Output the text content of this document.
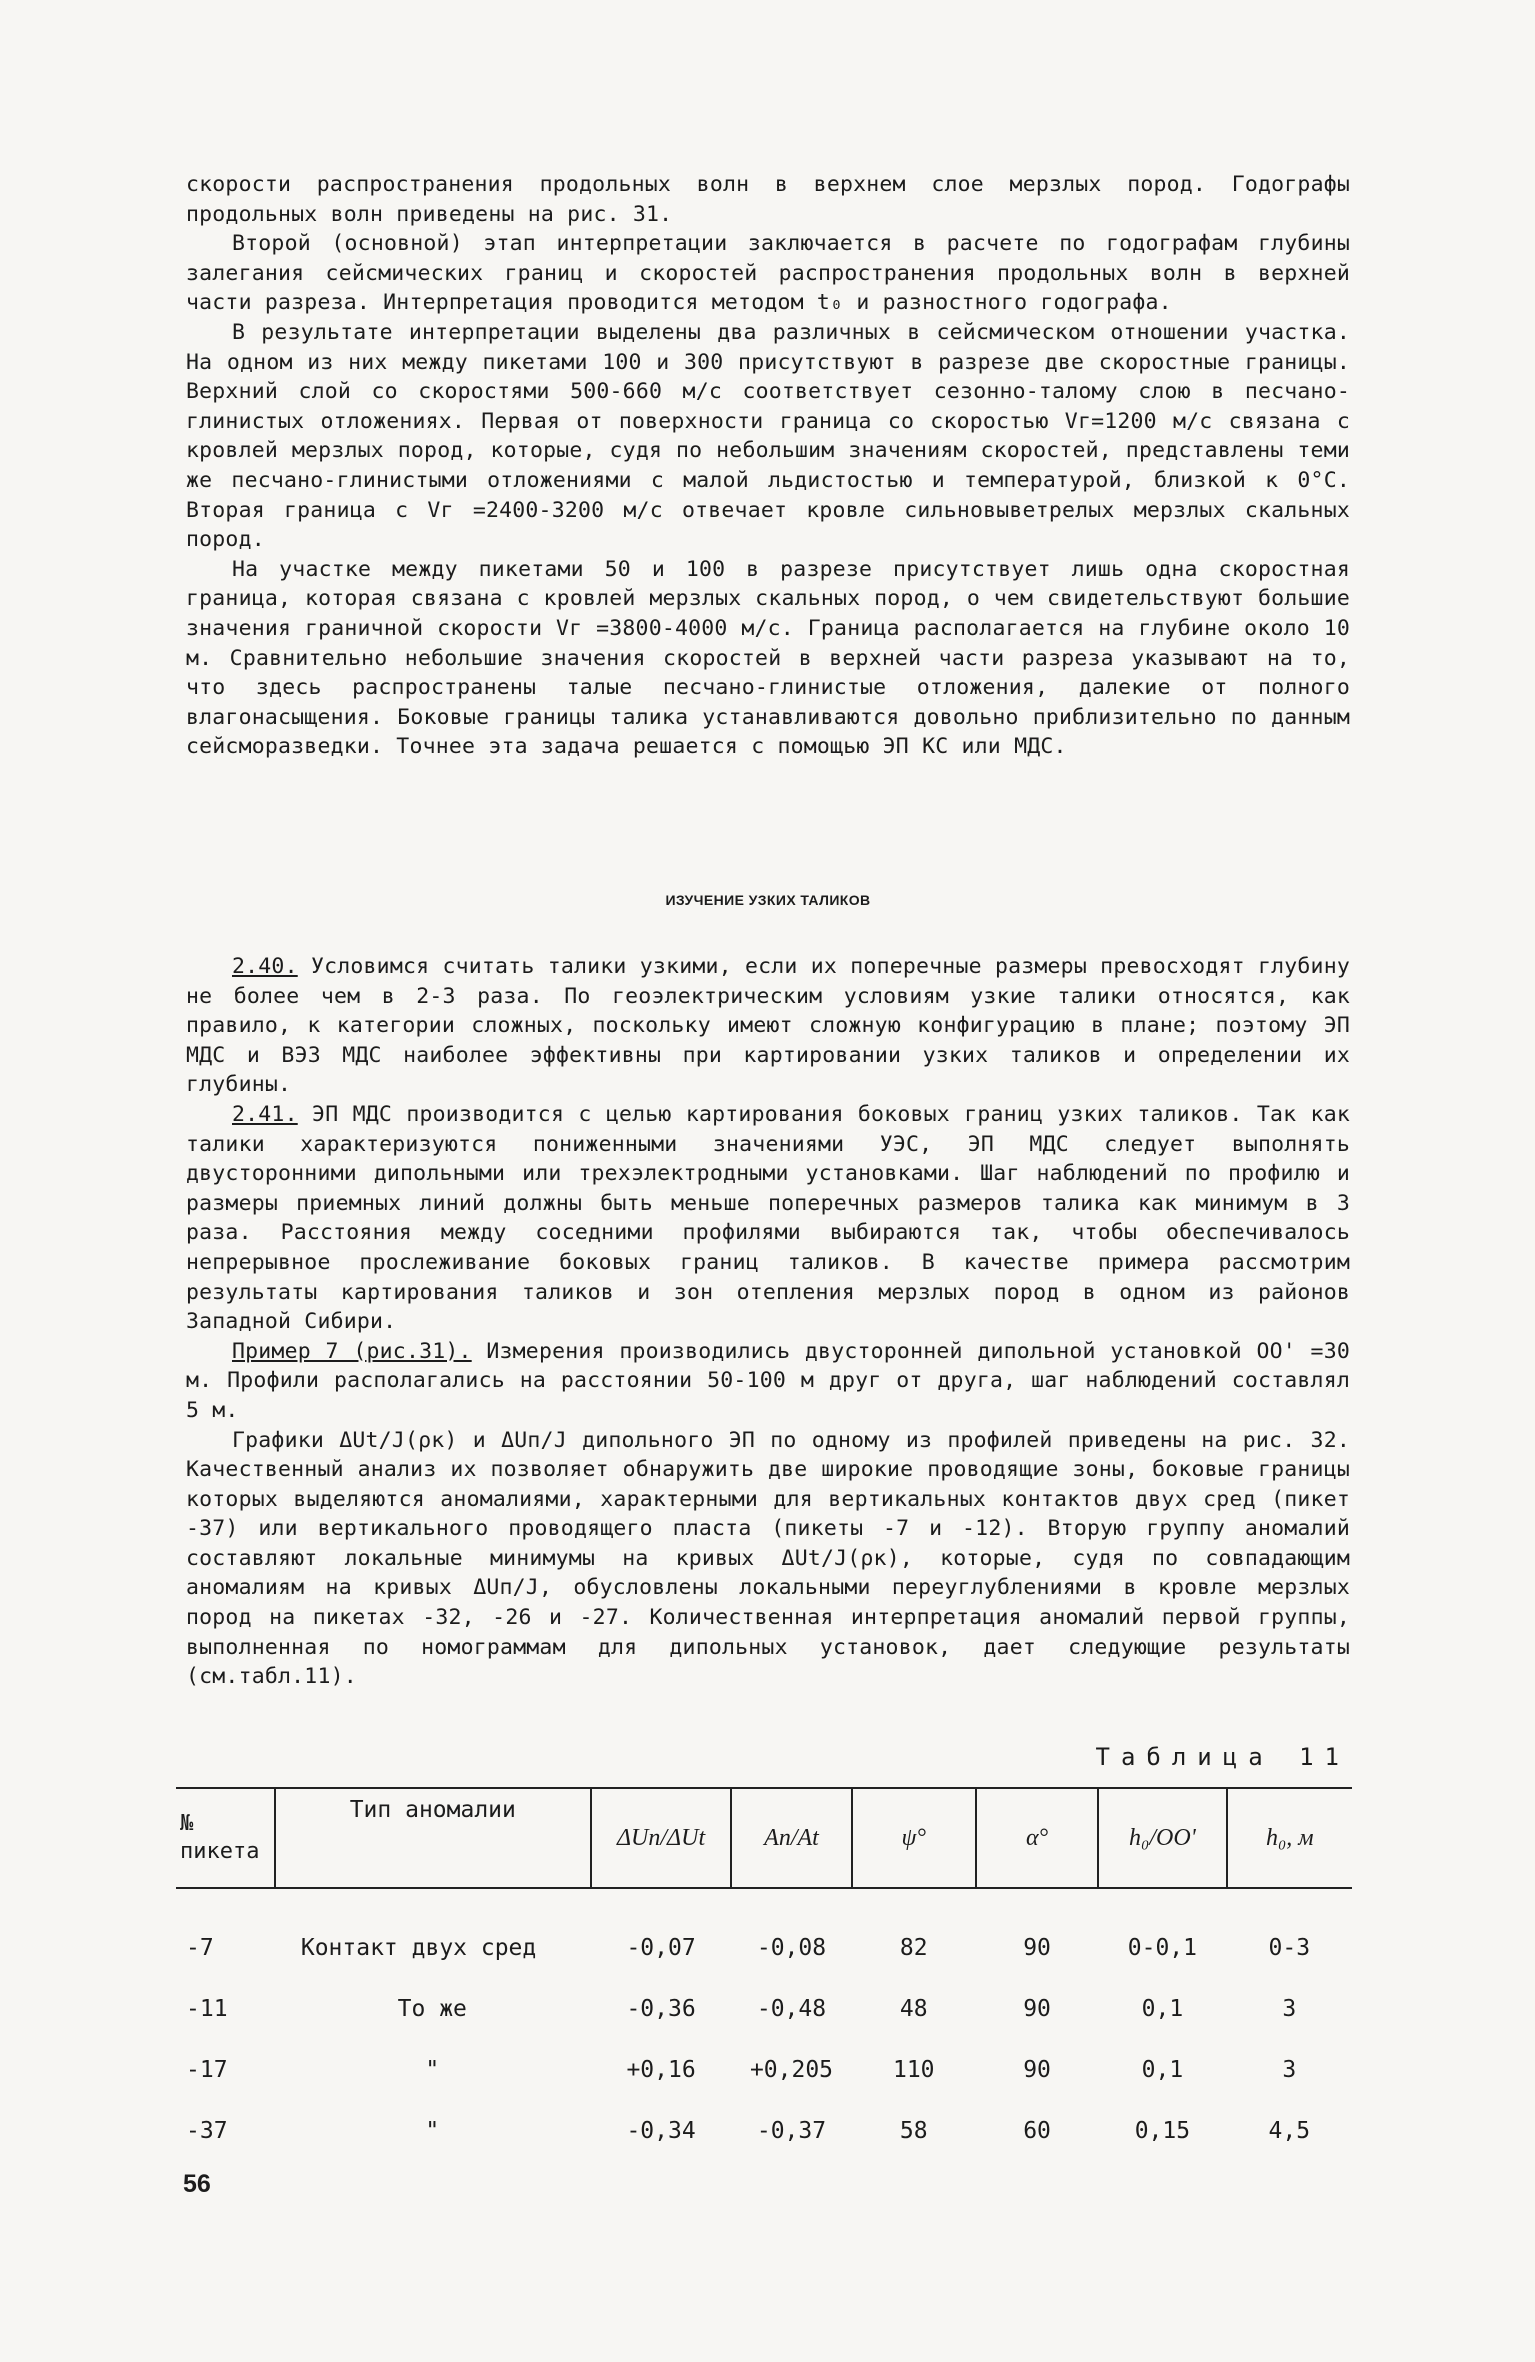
скорости распространения продольных волн в верхнем слое мерзлых пород. Годографы продольных волн приведены на рис. 31.

Второй (основной) этап интерпретации заключается в расчете по годографам глубины залегания сейсмических границ и скоростей распространения продольных волн в верхней части разреза. Интерпретация проводится методом t₀ и разностного годографа.

В результате интерпретации выделены два различных в сейсмическом отношении участка. На одном из них между пикетами 100 и 300 присутствуют в разрезе две скоростные границы. Верхний слой со скоростями 500-660 м/с соответствует сезонно-талому слою в песчано-глинистых отложениях. Первая от поверхности граница со скоростью Vг=1200 м/с связана с кровлей мерзлых пород, которые, судя по небольшим значениям скоростей, представлены теми же песчано-глинистыми отложениями с малой льдистостью и температурой, близкой к 0°С. Вторая граница с Vг =2400-3200 м/с отвечает кровле сильновыветрелых мерзлых скальных пород.

На участке между пикетами 50 и 100 в разрезе присутствует лишь одна скоростная граница, которая связана с кровлей мерзлых скальных пород, о чем свидетельствуют большие значения граничной скорости Vг =3800-4000 м/с. Граница располагается на глубине около 10 м. Сравнительно небольшие значения скоростей в верхней части разреза указывают на то, что здесь распространены талые песчано-глинистые отложения, далекие от полного влагонасыщения. Боковые границы талика устанавливаются довольно приблизительно по данным сейсморазведки. Точнее эта задача решается с помощью ЭП КС или МДС.

ИЗУЧЕНИЕ УЗКИХ ТАЛИКОВ

2.40. Условимся считать талики узкими, если их поперечные размеры превосходят глубину не более чем в 2-3 раза. По геоэлектрическим условиям узкие талики относятся, как правило, к категории сложных, поскольку имеют сложную конфигурацию в плане; поэтому ЭП МДС и ВЭЗ МДС наиболее эффективны при картировании узких таликов и определении их глубины.

2.41. ЭП МДС производится с целью картирования боковых границ узких таликов. Так как талики характеризуются пониженными значениями УЭС, ЭП МДС следует выполнять двусторонними дипольными или трехэлектродными установками. Шаг наблюдений по профилю и размеры приемных линий должны быть меньше поперечных размеров талика как минимум в 3 раза. Расстояния между соседними профилями выбираются так, чтобы обеспечивалось непрерывное прослеживание боковых границ таликов. В качестве примера рассмотрим результаты картирования таликов и зон отепления мерзлых пород в одном из районов Западной Сибири.

Пример 7 (рис.31). Измерения производились двусторонней дипольной установкой ОО' =30 м. Профили располагались на расстоянии 50-100 м друг от друга, шаг наблюдений составлял 5 м.

Графики ΔUt/J(ρк) и ΔUп/J дипольного ЭП по одному из профилей приведены на рис. 32. Качественный анализ их позволяет обнаружить две широкие проводящие зоны, боковые границы которых выделяются аномалиями, характерными для вертикальных контактов двух сред (пикет -37) или вертикального проводящего пласта (пикеты -7 и -12). Вторую группу аномалий составляют локальные минимумы на кривых ΔUt/J(ρк), которые, судя по совпадающим аномалиям на кривых ΔUп/J, обусловлены локальными переуглублениями в кровле мерзлых пород на пикетах -32, -26 и -27. Количественная интерпретация аномалий первой группы, выполненная по номограммам для дипольных установок, дает следующие результаты (см.табл.11).

Таблица 11
№ пикета	Тип аномалии	ΔUп/ΔUt	Aп/At	ψ°	α°	h₀/OO'	h₀, м

-7	Контакт двух сред	-0,07	-0,08	82	90	0-0,1	0-3
-11	То же	-0,36	-0,48	48	90	0,1	3
-17	"	+0,16	+0,205	110	90	0,1	3
-37	"	-0,34	-0,37	58	60	0,15	4,5
56
